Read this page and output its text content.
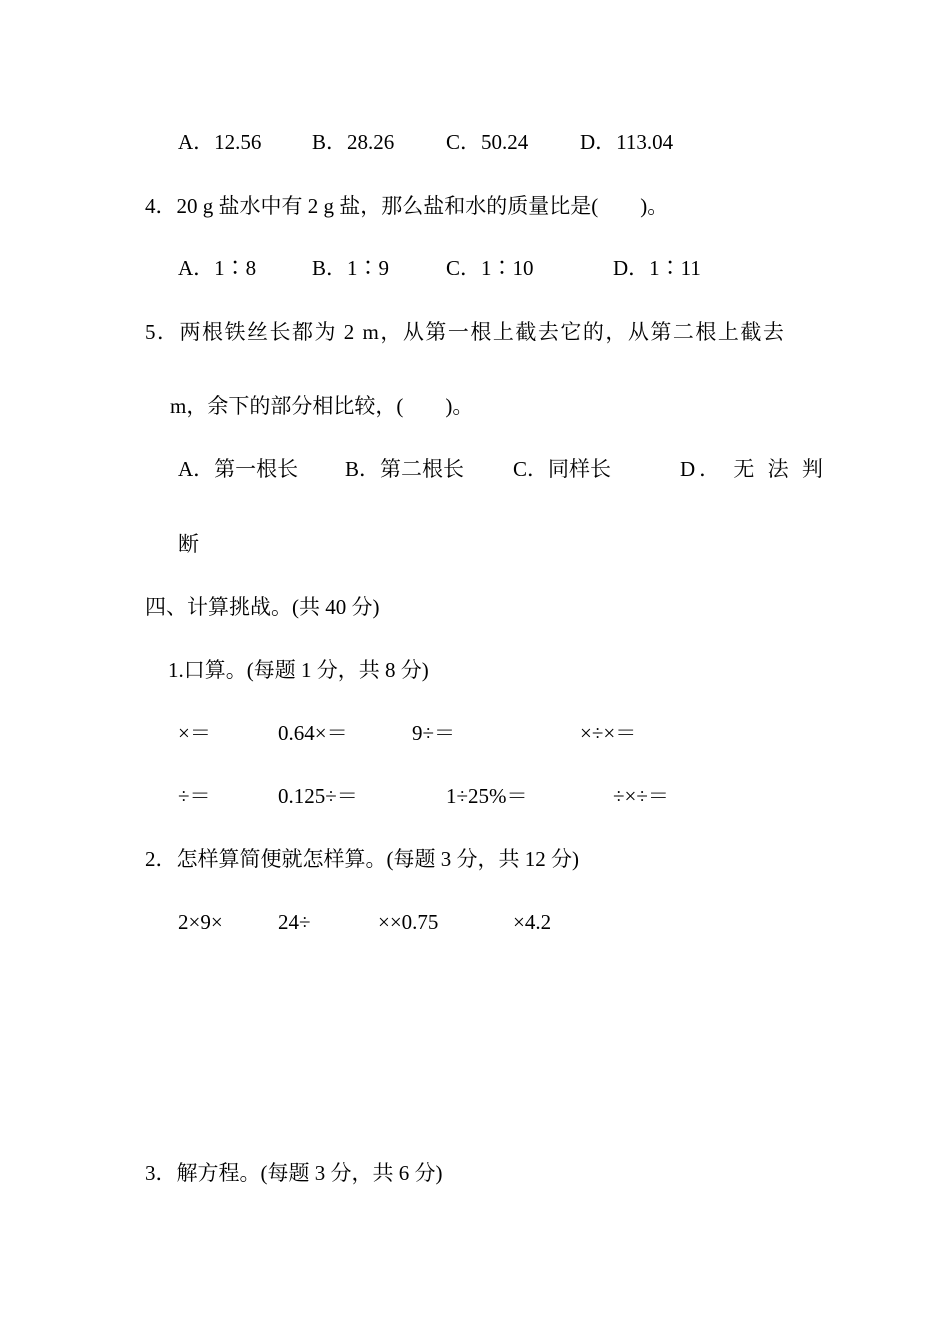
A．12.56 B．28.26 C．50.24 D．113.04
4．20 g 盐水中有 2 g 盐，那么盐和水的质量比是(　　)。
A．1∶8	B．1∶9	C．1∶10	D．1∶11
5．两根铁丝长都为 2 m，从第一根上截去它的，从第二根上截去
m，余下的部分相比较，(　　)。
A．第一根长 B．第二根长 C．同样长	D． 无 法 判
断
四、计算挑战。(共 40 分)
1.口算。(每题 1 分，共 8 分)
×＝	0.64×＝	9÷＝	×÷×＝
÷＝	0.125÷＝	1÷25%＝	÷×÷＝
2．怎样算简便就怎样算。(每题 3 分，共 12 分)
2×9×	24÷	××0.75	×4.2
3．解方程。(每题 3 分，共 6 分)
